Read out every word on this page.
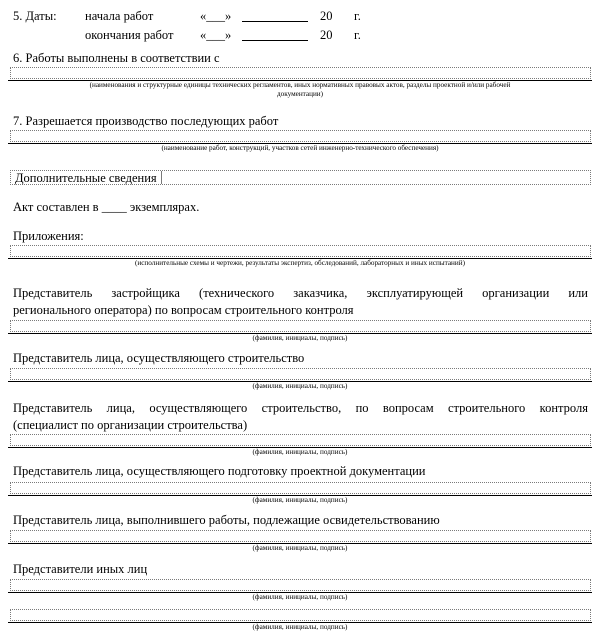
5. Даты: начала работ	«___»	20 г.
окончания работ «___»	20 г.
6. Работы выполнены в соответствии с
(наименования и структурные единицы технических регламентов, иных нормативных правовых актов, разделы проектной и/или рабочей
документации)
7. Разрешается производство последующих работ
(наименование работ, конструкций, участков сетей инженерно-технического обеспечения)
Дополнительные сведения
Акт составлен в ____ экземплярах.
Приложения:
(исполнительные схемы и чертежи, результаты экспертиз, обследований, лабораторных и иных испытаний)
Представитель застройщика (технического заказчика, эксплуатирующей организации или
регионального оператора) по вопросам строительного контроля
(фамилия, инициалы, подпись)
Представитель лица, осуществляющего строительство
(фамилия, инициалы, подпись)
Представитель лица, осуществляющего строительство, по вопросам строительного контроля
(специалист по организации строительства)
(фамилия, инициалы, подпись)
Представитель лица, осуществляющего подготовку проектной документации
(фамилия, инициалы, подпись)
Представитель лица, выполнившего работы, подлежащие освидетельствованию
(фамилия, инициалы, подпись)
Представители иных лиц
(фамилия, инициалы, подпись)
(фамилия, инициалы, подпись)
